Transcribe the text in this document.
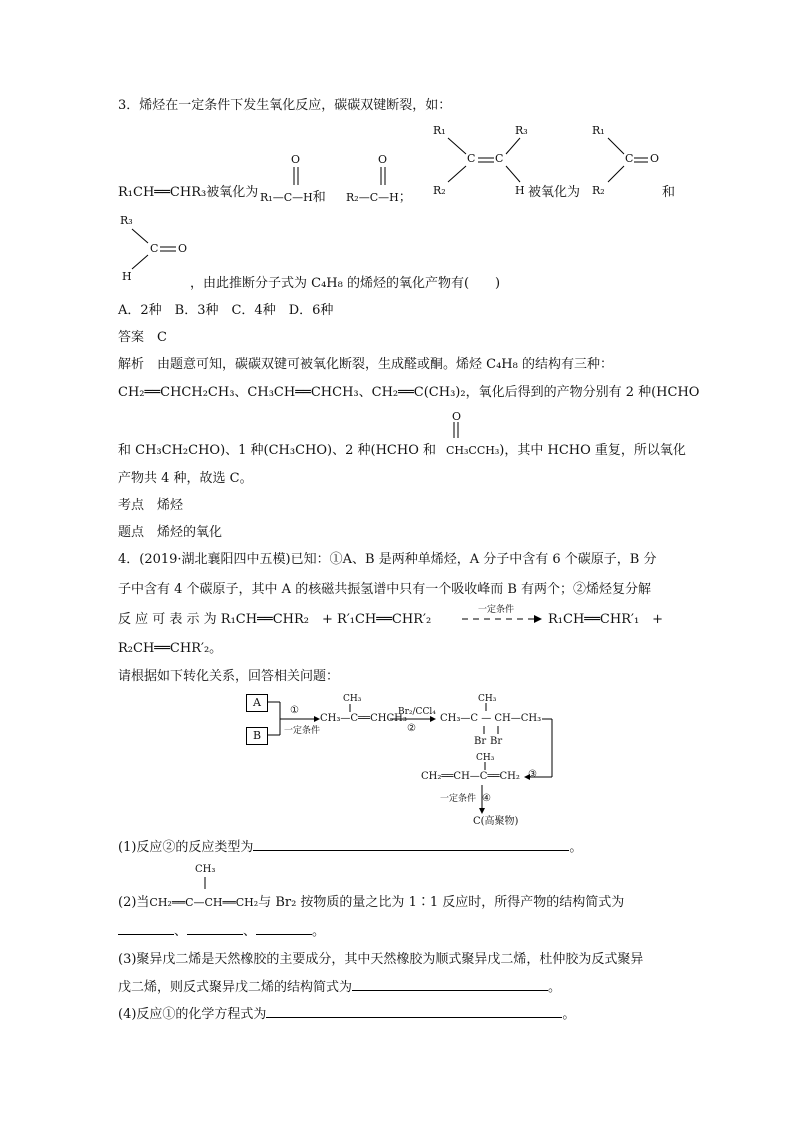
3．烯烃在一定条件下发生氧化反应，碳碳双键断裂，如：
R₁CH══CHR₃被氧化为 R₁—C—H和
O
R₂—C—H；
O
R₁
R₂
C C
R₃
H 被氧化为
R₁
R₂
C O
和
R₃
C O
H	，由此推断分子式为 C₄H₈ 的烯烃的氧化产物有(　　)
A．2种　B．3种　C．4种　D．6种
答案　C
解析　由题意可知，碳碳双键可被氧化断裂，生成醛或酮。烯烃 C₄H₈ 的结构有三种：
CH₂══CHCH₂CH₃、CH₃CH══CHCH₃、CH₂══C(CH₃)₂，氧化后得到的产物分别有 2 种(HCHO
O
和 CH₃CH₂CHO)、1 种(CH₃CHO)、2 种(HCHO 和 CH₃CCH₃)，其中 HCHO 重复，所以氧化
产物共 4 种，故选 C。
考点　烯烃
题点　烯烃的氧化
4．(2019·湖北襄阳四中五模)已知：①A、B 是两种单烯烃，A 分子中含有 6 个碳原子，B 分
子中含有 4 个碳原子，其中 A 的核磁共振氢谱中只有一个吸收峰而 B 有两个；②烯烃复分解
反 应 可 表 示 为 R₁CH══CHR₂　+ R′₁CH══CHR′₂
一定条件
R₁CH══CHR′₁　+
R₂CH══CHR′₂。
请根据如下转化关系，回答相关问题：
A
B
①
一定条件
CH₃
CH₃—C══CHCH₃
Br₂/CCl₄
②
CH₃
CH₃—C — CH—CH₃
Br Br
CH₃
CH₂══CH—C══CH₂ ③
一定条件 ④
C(高聚物)
(1)反应②的反应类型为	。
CH₃
(2)当CH₂══C—CH══CH₂与 Br₂ 按物质的量之比为 1∶1 反应时，所得产物的结构简式为
、	、	。
(3)聚异戊二烯是天然橡胶的主要成分，其中天然橡胶为顺式聚异戊二烯，杜仲胶为反式聚异
戊二烯，则反式聚异戊二烯的结构简式为	。
(4)反应①的化学方程式为	。
